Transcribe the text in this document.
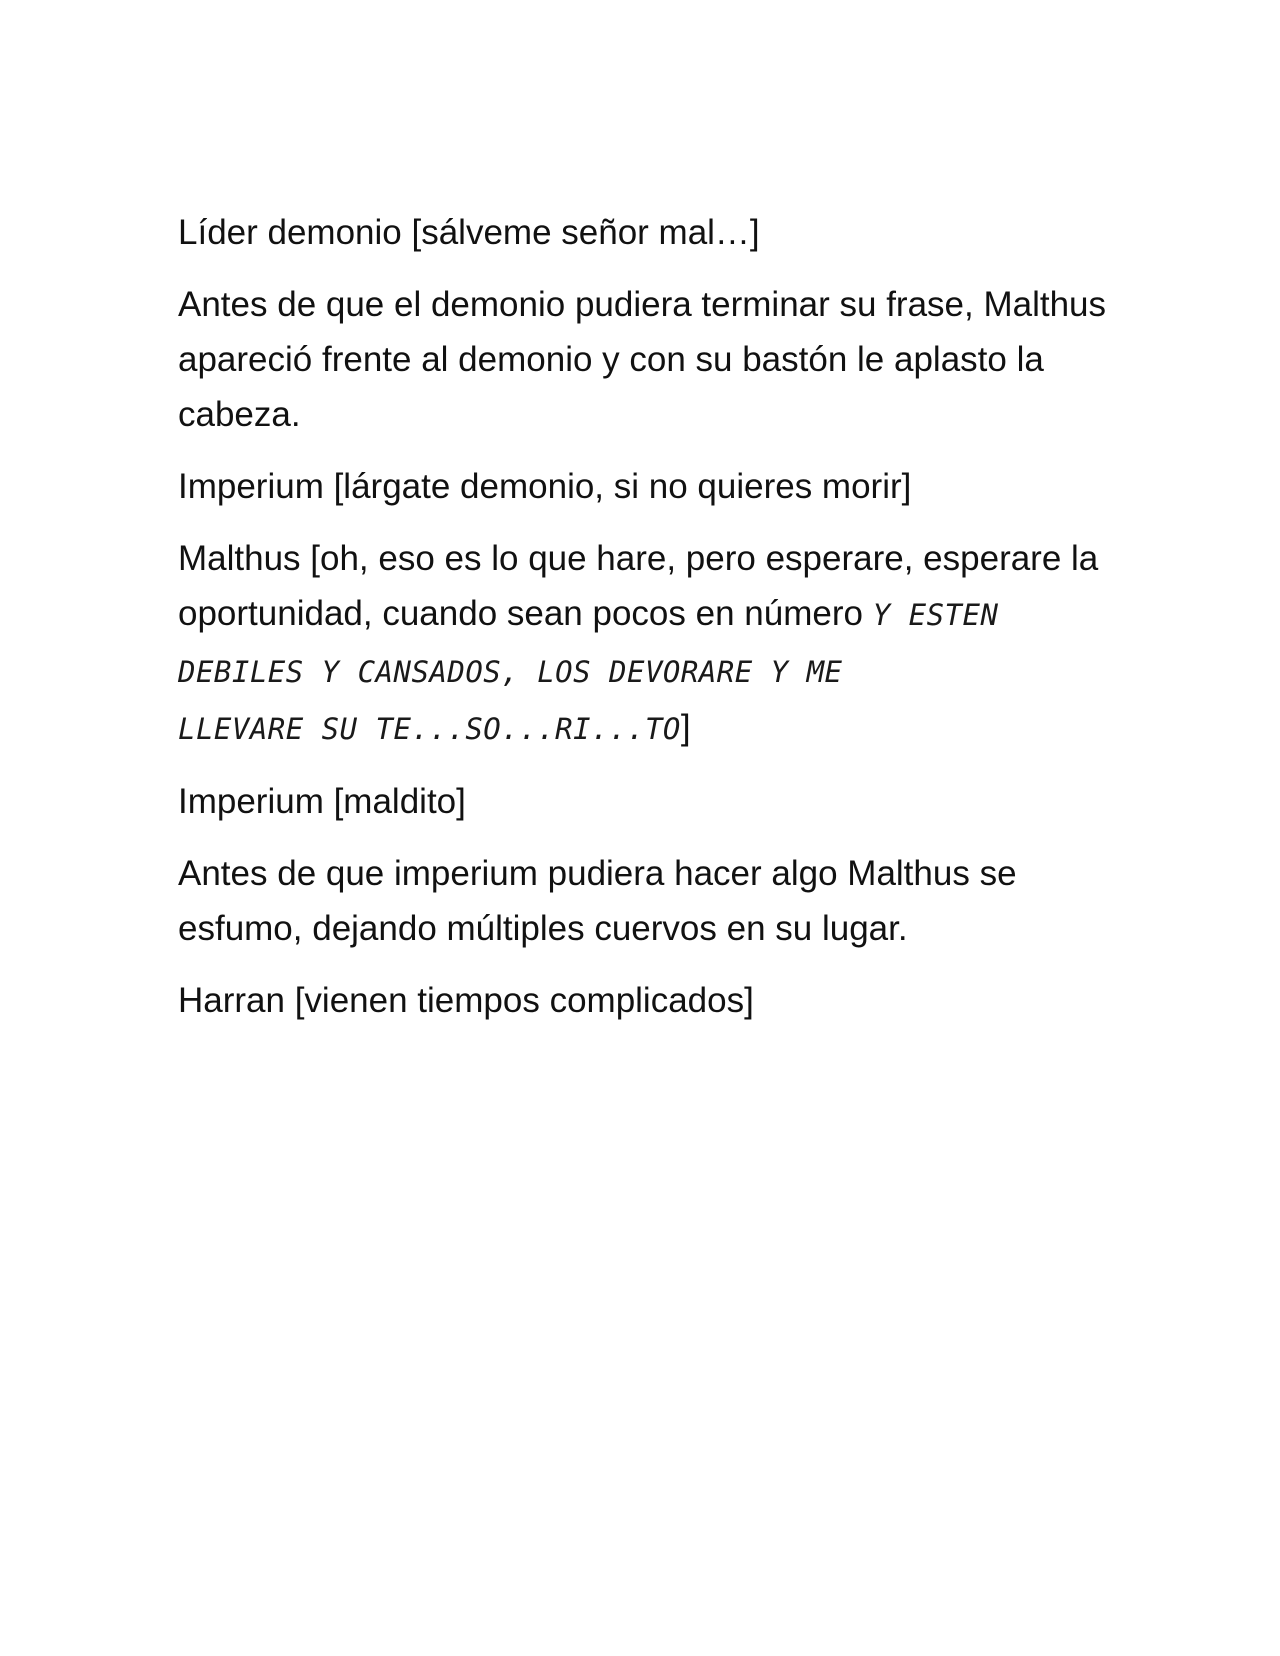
Líder demonio [sálveme señor mal…]

Antes de que el demonio pudiera terminar su frase, Malthus apareció frente al demonio y con su bastón le aplasto la cabeza.

Imperium [lárgate demonio, si no quieres morir]

Malthus [oh, eso es lo que hare, pero esperare, esperare la oportunidad, cuando sean pocos en número Y ESTEN DEBILES Y CANSADOS, LOS DEVORARE Y ME
LLEVARE SU TE...SO...RI...TO]

Imperium [maldito]

Antes de que imperium pudiera hacer algo Malthus se esfumo, dejando múltiples cuervos en su lugar.

Harran [vienen tiempos complicados]
